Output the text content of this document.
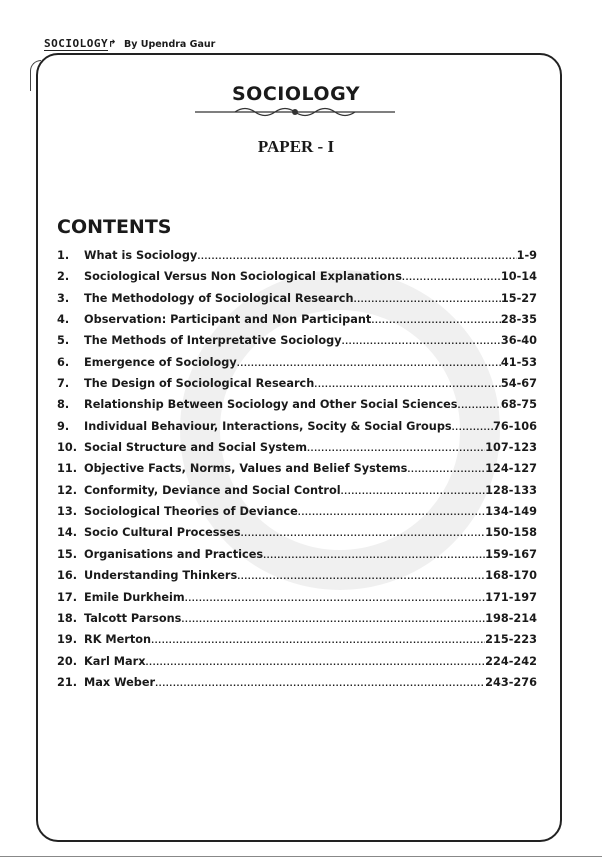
SOCIOLOGY↱ By Upendra Gaur
SOCIOLOGY
PAPER - I
CONTENTS
1.	What is Sociology .....	1-9
2.	Sociological Versus Non Sociological Explanations .....	10-14
3.	The Methodology of Sociological Research .....	15-27
4.	Observation: Participant and Non Participant .....	28-35
5.	The Methods of Interpretative Sociology .....	36-40
6.	Emergence of Sociology .....	41-53
7.	The Design of Sociological Research .....	54-67
8.	Relationship Between Sociology and Other Social Sciences .....	68-75
9.	Individual Behaviour, Interactions, Socity & Social Groups .....	76-106
10. Social Structure and Social System .....	107-123
11. Objective Facts, Norms, Values and Belief Systems .....	124-127
12. Conformity, Deviance and Social Control .....	128-133
13. Sociological Theories of Deviance .....	134-149
14. Socio Cultural Processes .....	150-158
15. Organisations and Practices .....	159-167
16. Understanding Thinkers .....	168-170
17. Emile Durkheim .....	171-197
18. Talcott Parsons .....	198-214
19. RK Merton .....	215-223
20. Karl Marx .....	224-242
21. Max Weber .....	243-276
